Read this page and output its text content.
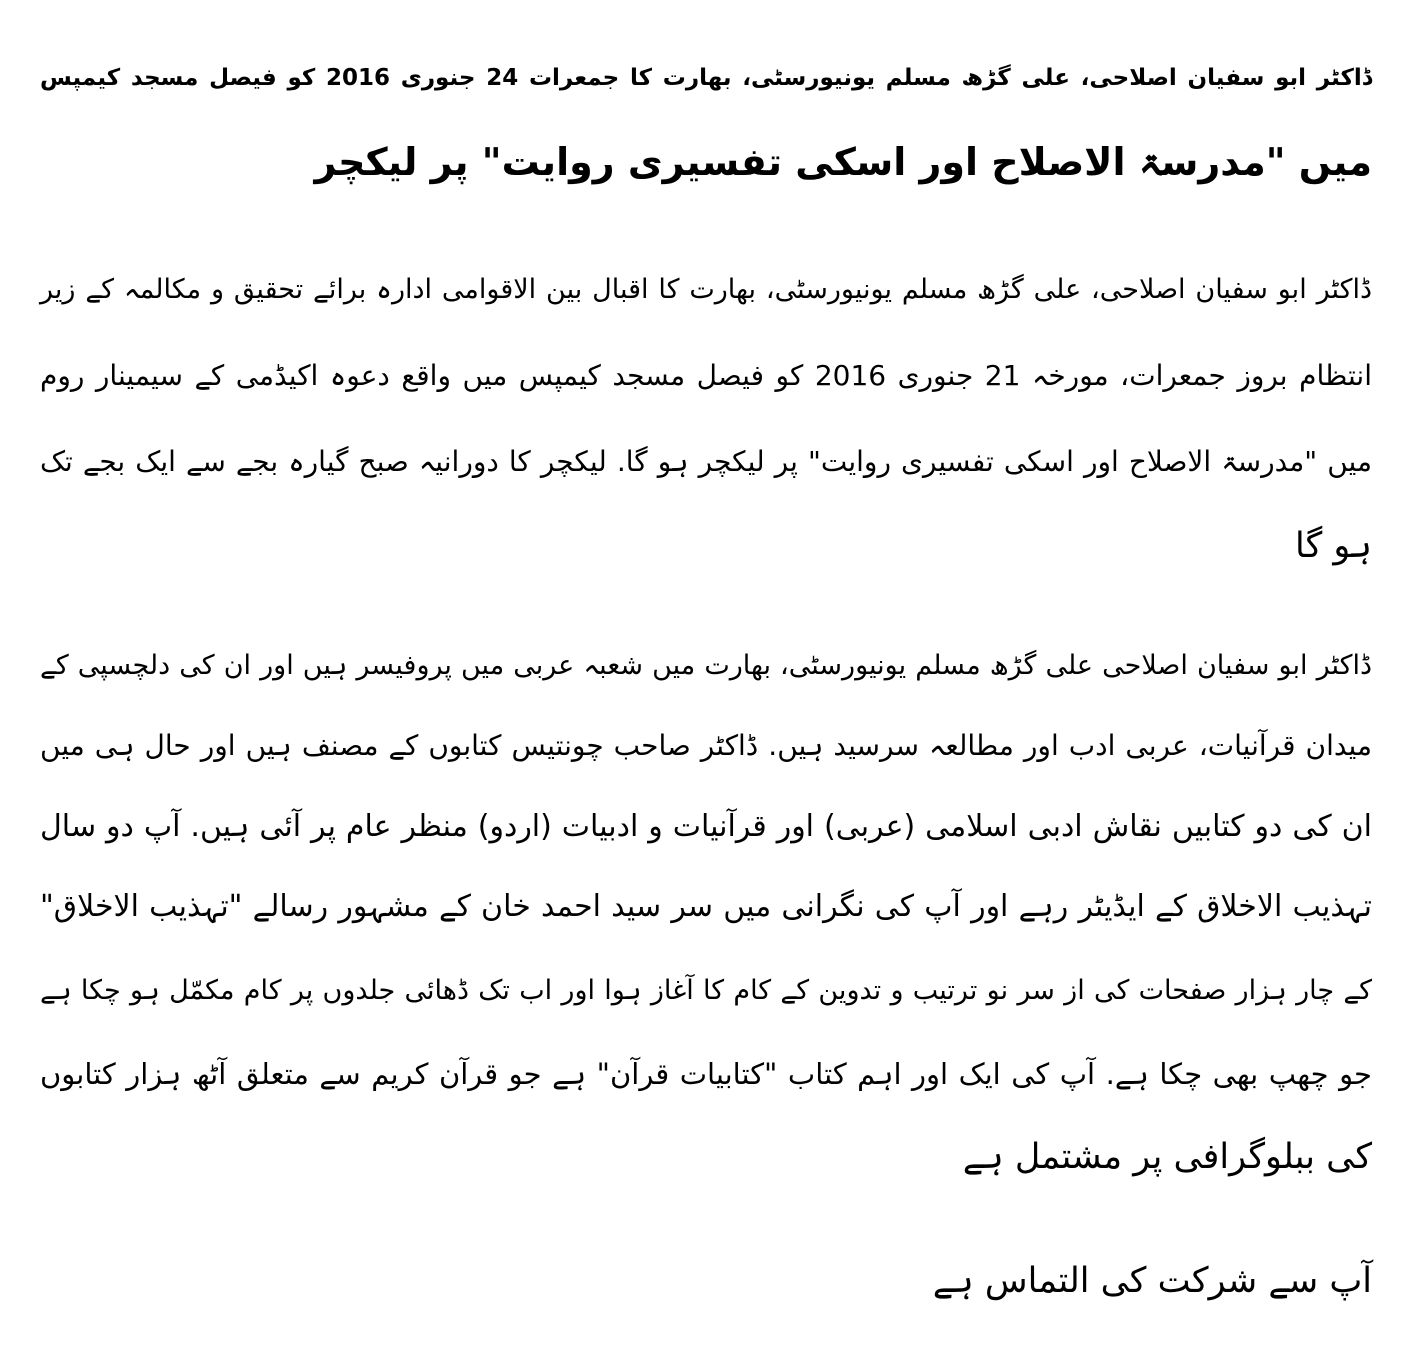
ڈاکٹر ابو سفیان اصلاحی، علی گڑھ مسلم یونیورسٹی، بھارت کا جمعرات 24 جنوری 2016 کو فیصل مسجد کیمپس
میں "مدرسۃ الاصلاح اور اسکی تفسیری روایت" پر لیکچر
ڈاکٹر ابو سفیان اصلاحی، علی گڑھ مسلم یونیورسٹی، بھارت کا اقبال بین الاقوامی ادارہ برائے تحقیق و مکالمہ کے زیر
انتظام بروز جمعرات، مورخہ 21 جنوری 2016 کو فیصل مسجد کیمپس میں واقع دعوہ اکیڈمی کے سیمینار روم
میں "مدرسۃ الاصلاح اور اسکی تفسیری روایت" پر لیکچر ہو گا. لیکچر کا دورانیہ صبح گیارہ بجے سے ایک بجے تک
ہو گا
ڈاکٹر ابو سفیان اصلاحی علی گڑھ مسلم یونیورسٹی، بھارت میں شعبہ عربی میں پروفیسر ہیں اور ان کی دلچسپی کے
میدان قرآنیات، عربی ادب اور مطالعہ سرسید ہیں. ڈاکٹر صاحب چونتیس کتابوں کے مصنف ہیں اور حال ہی میں
ان کی دو کتابیں نقاش ادبی اسلامی (عربی) اور قرآنیات و ادبیات (اردو) منظر عام پر آئی ہیں. آپ دو سال
تہذیب الاخلاق کے ایڈیٹر رہے اور آپ کی نگرانی میں سر سید احمد خان کے مشہور رسالے "تہذیب الاخلاق"
کے چار ہزار صفحات کی از سر نو ترتیب و تدوین کے کام کا آغاز ہوا اور اب تک ڈھائی جلدوں پر کام مکمّل ہو چکا ہے
جو چھپ بھی چکا ہے. آپ کی ایک اور اہم کتاب "کتابیات قرآن" ہے جو قرآن کریم سے متعلق آٹھ ہزار کتابوں
کی ببلوگرافی پر مشتمل ہے
آپ سے شرکت کی التماس ہے
